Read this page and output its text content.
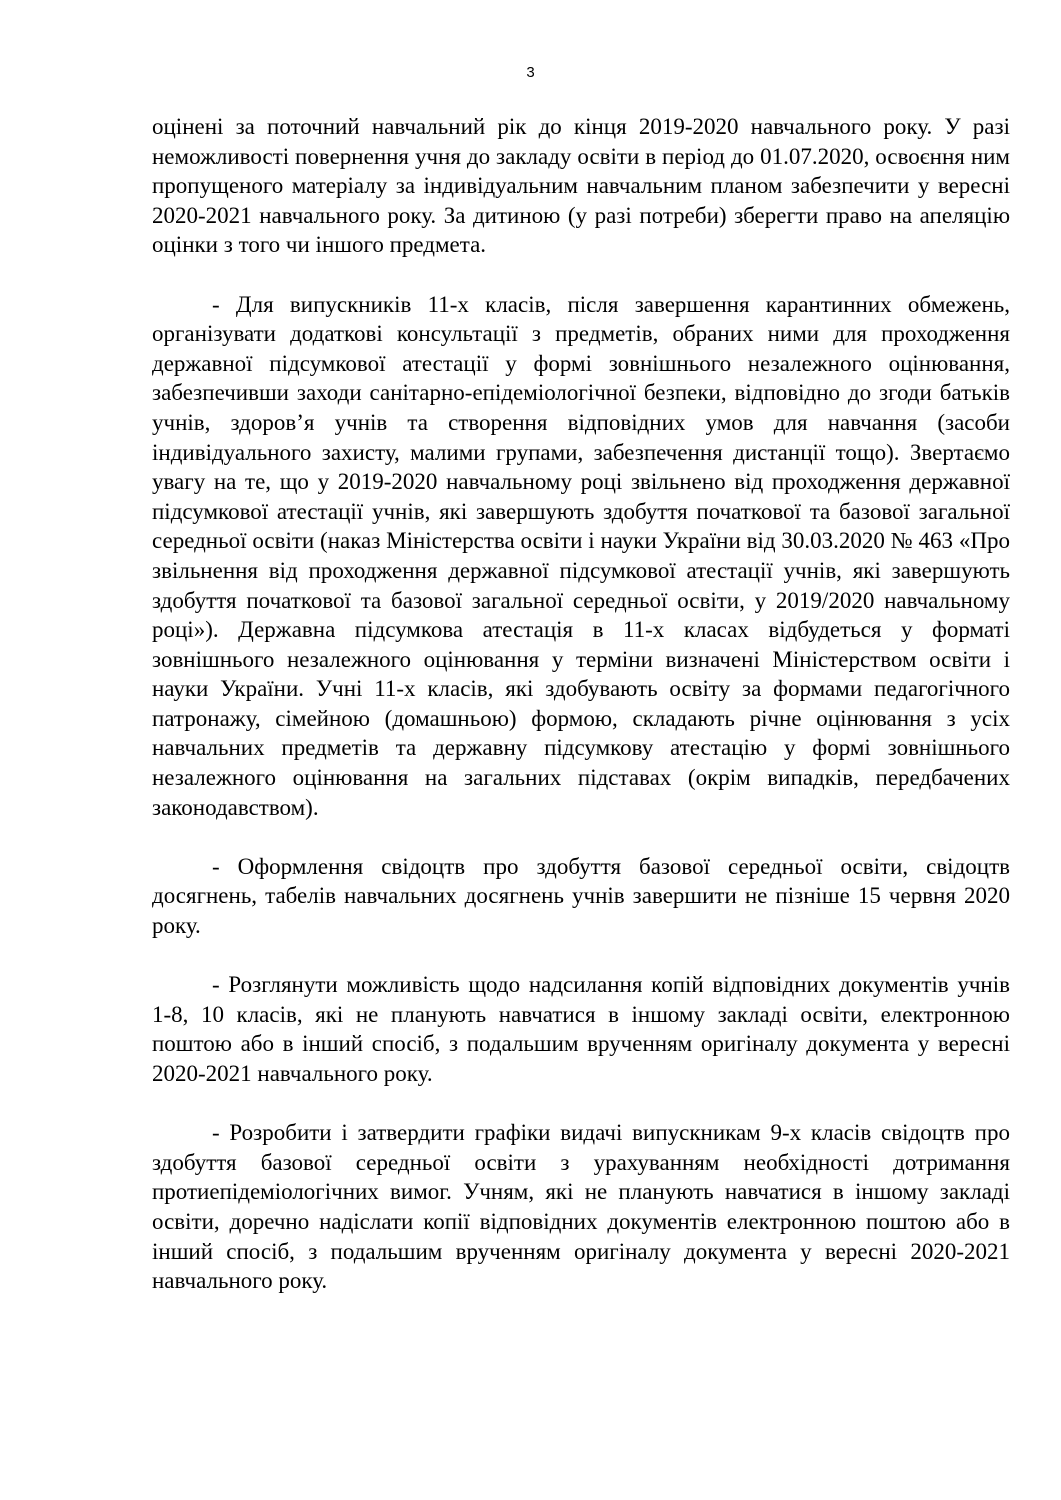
3

оцінені за поточний навчальний рік до кінця 2019-2020 навчального року. У разі неможливості повернення учня до закладу освіти в період до 01.07.2020, освоєння ним пропущеного матеріалу за індивідуальним навчальним планом забезпечити у вересні 2020-2021 навчального року. За дитиною (у разі потреби) зберегти право на апеляцію оцінки з того чи іншого предмета.

- Для випускників 11-х класів, після завершення карантинних обмежень, організувати додаткові консультації з предметів, обраних ними для проходження державної підсумкової атестації у формі зовнішнього незалежного оцінювання, забезпечивши заходи санітарно-епідеміологічної безпеки, відповідно до згоди батьків учнів, здоров’я учнів та створення відповідних умов для навчання (засоби індивідуального захисту, малими групами, забезпечення дистанції тощо). Звертаємо увагу на те, що у 2019-2020 навчальному році звільнено від проходження державної підсумкової атестації учнів, які завершують здобуття початкової та базової загальної середньої освіти (наказ Міністерства освіти і науки України від 30.03.2020 № 463 «Про звільнення від проходження державної підсумкової атестації учнів, які завершують здобуття початкової та базової загальної середньої освіти, у 2019/2020 навчальному році»). Державна підсумкова атестація в 11-х класах відбудеться у форматі зовнішнього незалежного оцінювання у терміни визначені Міністерством освіти і науки України. Учні 11-х класів, які здобувають освіту за формами педагогічного патронажу, сімейною (домашньою) формою, складають річне оцінювання з усіх навчальних предметів та державну підсумкову атестацію у формі зовнішнього незалежного оцінювання на загальних підставах (окрім випадків, передбачених законодавством).

- Оформлення свідоцтв про здобуття базової середньої освіти, свідоцтв досягнень, табелів навчальних досягнень учнів завершити не пізніше 15 червня 2020 року.

- Розглянути можливість щодо надсилання копій відповідних документів учнів 1-8, 10 класів, які не планують навчатися в іншому закладі освіти, електронною поштою або в інший спосіб, з подальшим врученням оригіналу документа у вересні 2020-2021 навчального року.

- Розробити і затвердити графіки видачі випускникам 9-х класів свідоцтв про здобуття базової середньої освіти з урахуванням необхідності дотримання протиепідеміологічних вимог. Учням, які не планують навчатися в іншому закладі освіти, доречно надіслати копії відповідних документів електронною поштою або в інший спосіб, з подальшим врученням оригіналу документа у вересні 2020-2021 навчального року.
